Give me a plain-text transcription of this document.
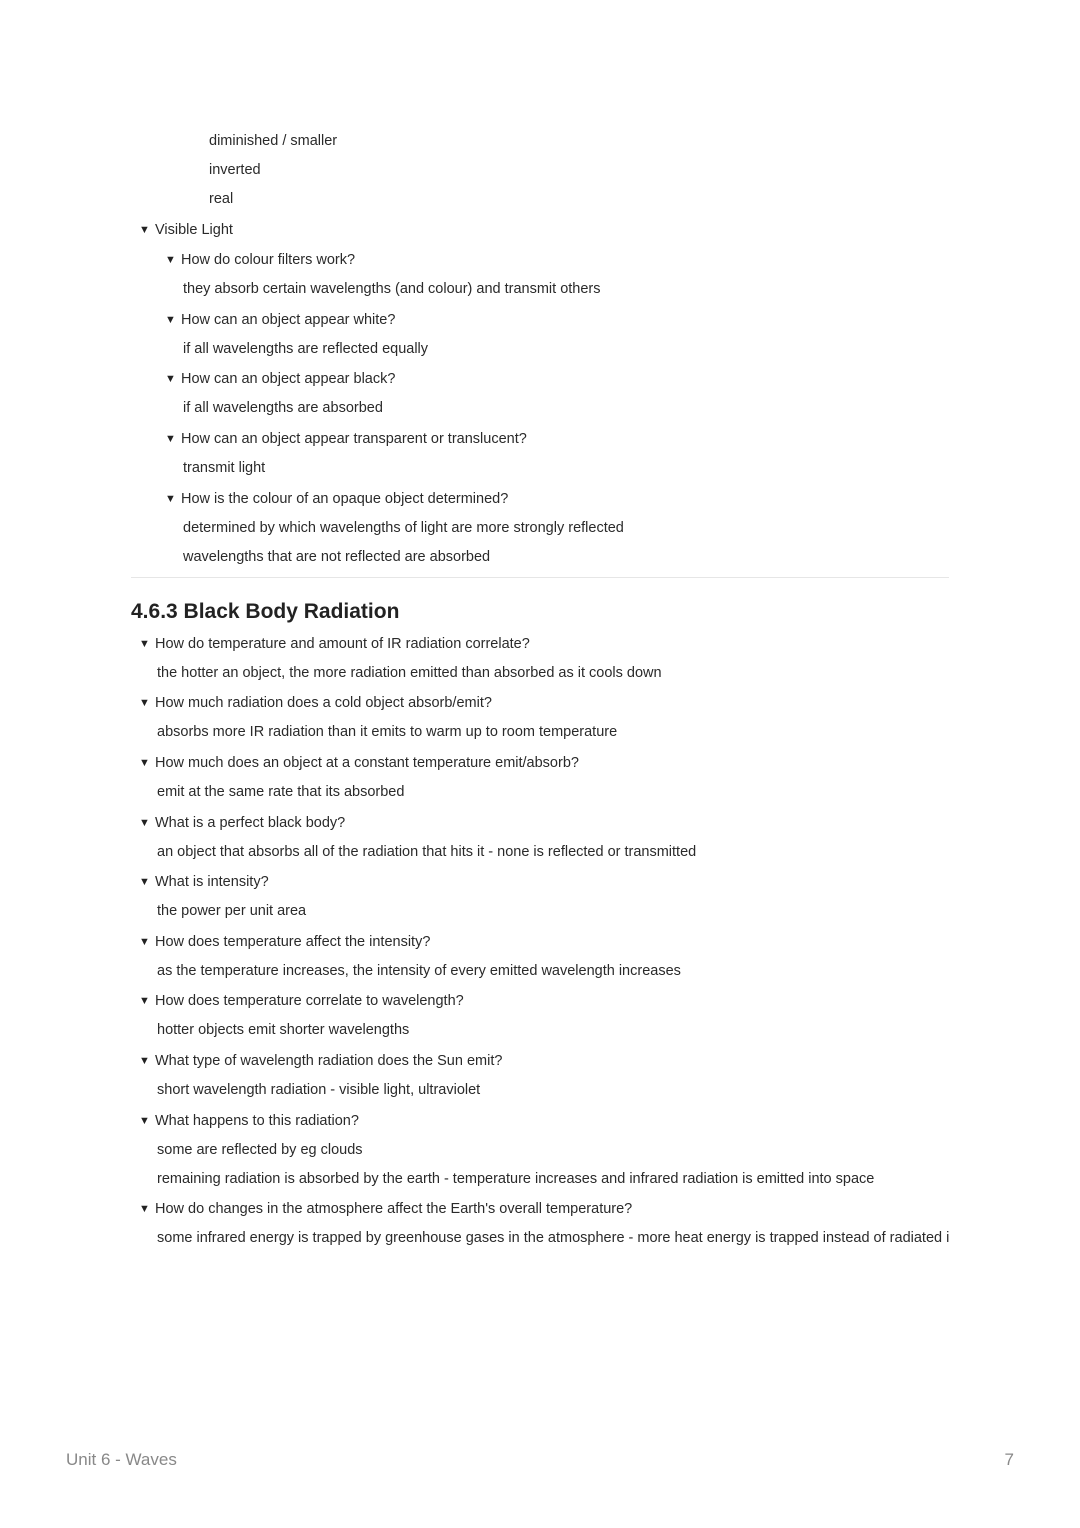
diminished / smaller
inverted
real
▼ Visible Light
▼ How do colour filters work?
they absorb certain wavelengths (and colour) and transmit others
▼ How can an object appear white?
if all wavelengths are reflected equally
▼ How can an object appear black?
if all wavelengths are absorbed
▼ How can an object appear transparent or translucent?
transmit light
▼ How is the colour of an opaque object determined?
determined by which wavelengths of light are more strongly reflected
wavelengths that are not reflected are absorbed
4.6.3 Black Body Radiation
▼ How do temperature and amount of IR radiation correlate?
the hotter an object, the more radiation emitted than absorbed as it cools down
▼ How much radiation does a cold object absorb/emit?
absorbs more IR radiation than it emits to warm up to room temperature
▼ How much does an object at a constant temperature emit/absorb?
emit at the same rate that its absorbed
▼ What is a perfect black body?
an object that absorbs all of the radiation that hits it - none is reflected or transmitted
▼ What is intensity?
the power per unit area
▼ How does temperature affect the intensity?
as the temperature increases, the intensity of every emitted wavelength increases
▼ How does temperature correlate to wavelength?
hotter objects emit shorter wavelengths
▼ What type of wavelength radiation does the Sun emit?
short wavelength radiation - visible light, ultraviolet
▼ What happens to this radiation?
some are reflected by eg clouds
remaining radiation is absorbed by the earth - temperature increases and infrared radiation is emitted into space
▼ How do changes in the atmosphere affect the Earth's overall temperature?
some infrared energy is trapped by greenhouse gases in the atmosphere - more heat energy is trapped instead of radiated i
Unit 6 - Waves	7
